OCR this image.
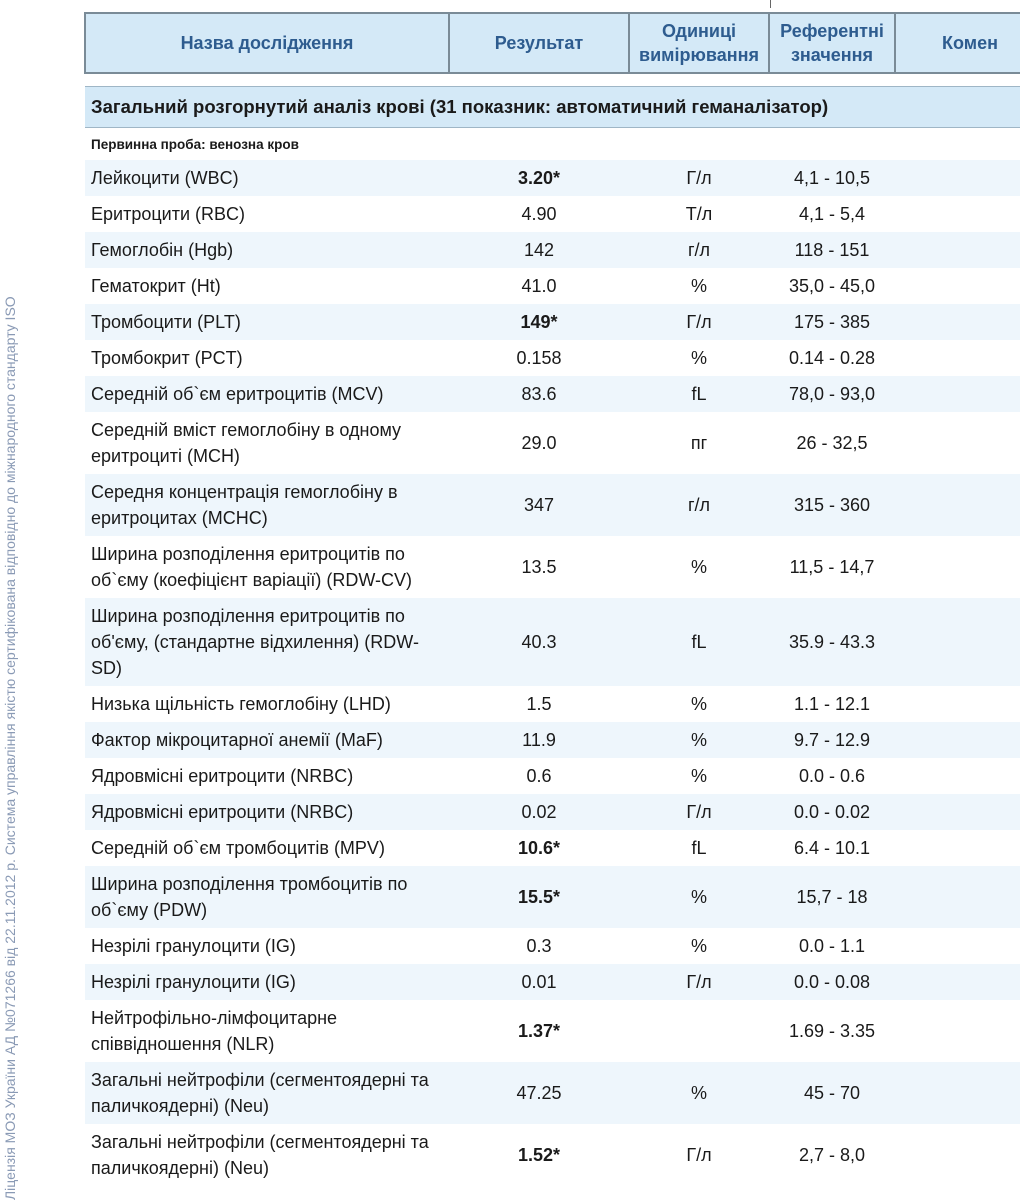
Ліцензія МОЗ України АД №071266 від 22.11.2012 р. Система управління якістю сертифікована відповідно до міжнародного стандарту ISO
Назва дослідження	Результат	Одиниці вимірювання	Референтні значення	Комен

Загальний розгорнутий аналіз крові (31 показник: автоматичний геманалізатор)				
Первинна проба: венозна кров				
Лейкоцити (WBC)	3.20*	Г/л	4,1 - 10,5	
Еритроцити (RBC)	4.90	Т/л	4,1 - 5,4	
Гемоглобін (Hgb)	142	г/л	118 - 151	
Гематокрит (Ht)	41.0	%	35,0 - 45,0	
Тромбоцити (PLT)	149*	Г/л	175 - 385	
Тромбокрит (PCT)	0.158	%	0.14 - 0.28	
Середній об`єм еритроцитів (MCV)	83.6	fL	78,0 - 93,0	
Середній вміст гемоглобіну в одному еритроциті (MCH)	29.0	пг	26 - 32,5	
Середня концентрація гемоглобіну в еритроцитах (MCHC)	347	г/л	315 - 360	
Ширина розподілення еритроцитів по об`єму (коефіцієнт варіації) (RDW-CV)	13.5	%	11,5 - 14,7	
Ширина розподілення еритроцитів по об'єму, (стандартне відхилення) (RDW-SD)	40.3	fL	35.9 - 43.3	
Низька щільність гемоглобіну (LHD)	1.5	%	1.1 - 12.1	
Фактор мікроцитарної анемії (MaF)	11.9	%	9.7 - 12.9	
Ядровмісні еритроцити (NRBC)	0.6	%	0.0 - 0.6	
Ядровмісні еритроцити (NRBC)	0.02	Г/л	0.0 - 0.02	
Середній об`єм тромбоцитів (MPV)	10.6*	fL	6.4 - 10.1	
Ширина розподілення тромбоцитів по об`єму (PDW)	15.5*	%	15,7 - 18	
Незрілі гранулоцити (IG)	0.3	%	0.0 - 1.1	
Незрілі гранулоцити (IG)	0.01	Г/л	0.0 - 0.08	
Нейтрофільно-лімфоцитарне співвідношення (NLR)	1.37*		1.69 - 3.35	
Загальні нейтрофіли (сегментоядерні та паличкоядерні) (Neu)	47.25	%	45 - 70	
Загальні нейтрофіли (сегментоядерні та паличкоядерні) (Neu)	1.52*	Г/л	2,7 - 8,0	
